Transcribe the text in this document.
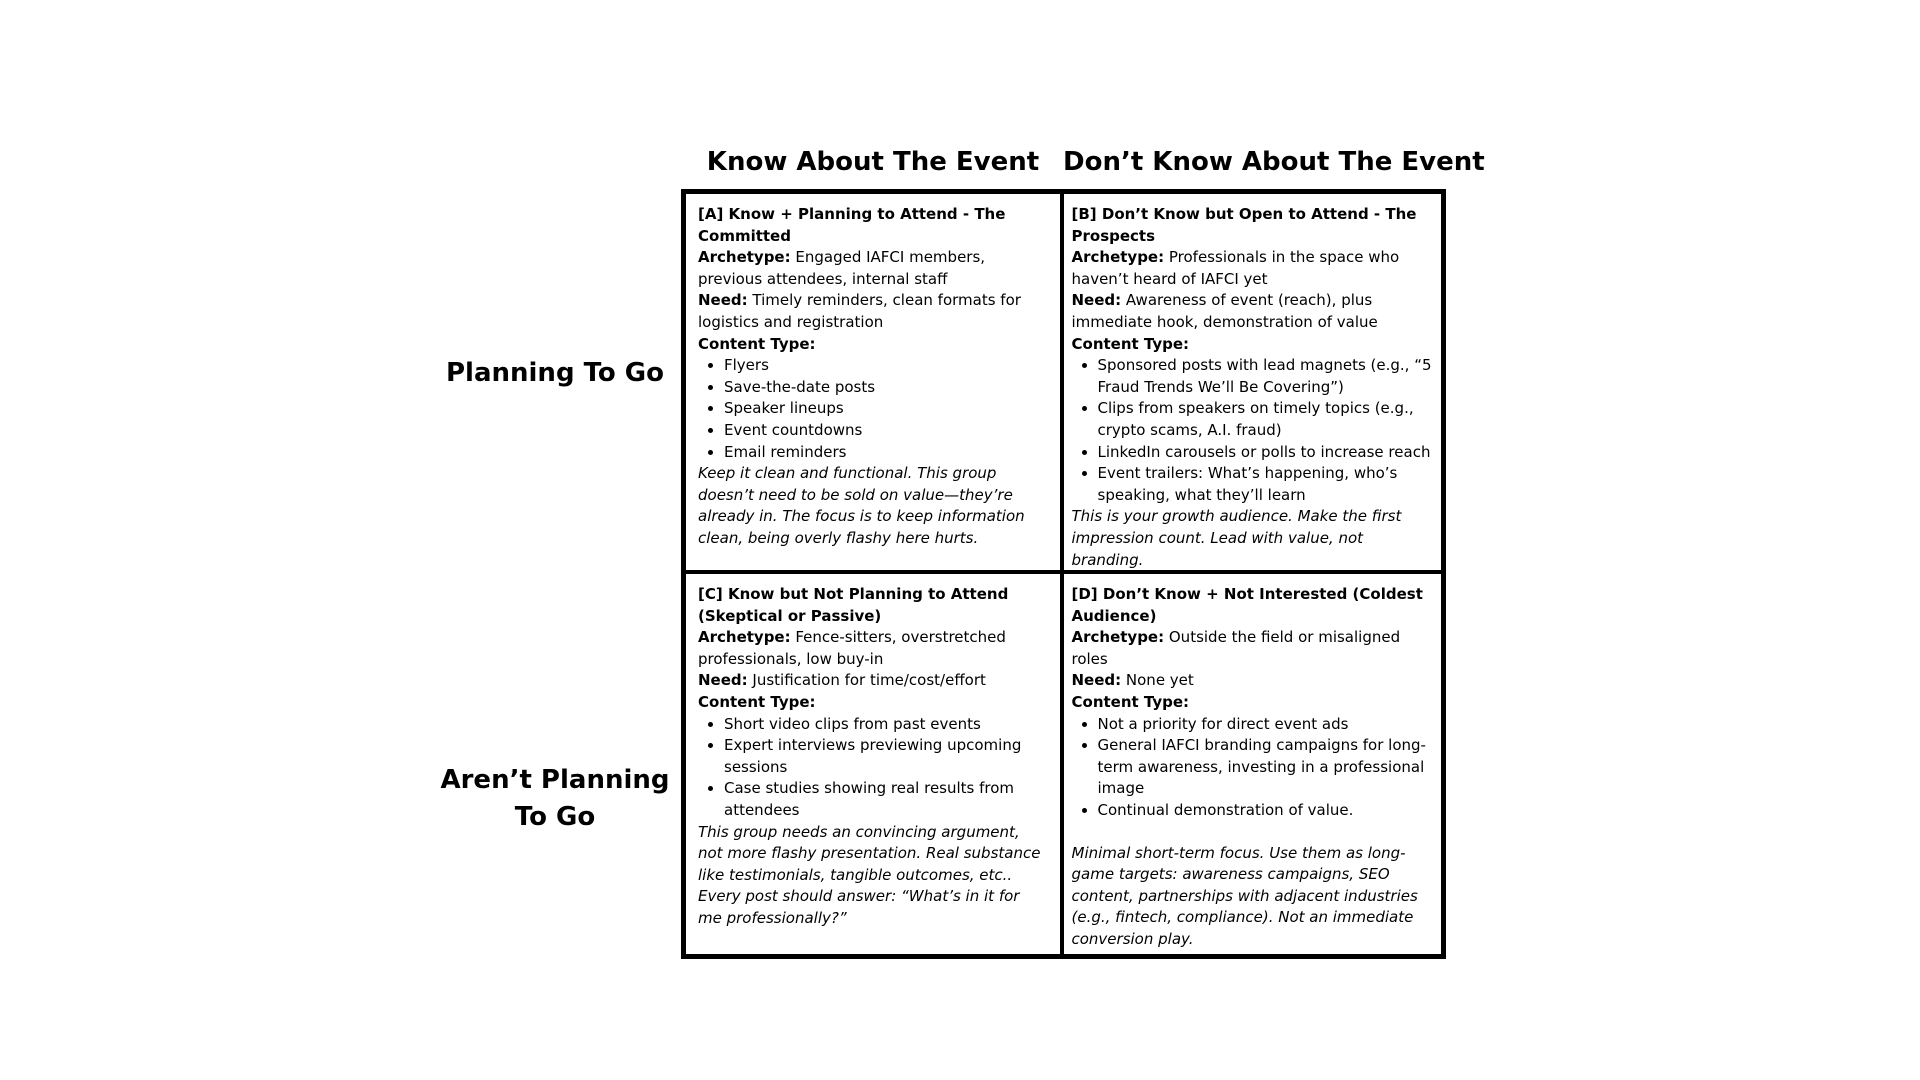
Know About The Event Don’t Know About The Event
Planning To Go
Aren’t Planning To Go

[A] Know + Planning to Attend - The Committed

Archetype: Engaged IAFCI members, previous attendees, internal staff

Need: Timely reminders, clean formats for logistics and registration

Content Type:

• Flyers
• Save-the-date posts
• Speaker lineups
• Event countdowns
• Email reminders

Keep it clean and functional. This group doesn’t need to be sold on value—they’re already in. The focus is to keep information clean, being overly flashy here hurts.

[B] Don’t Know but Open to Attend - The Prospects

Archetype: Professionals in the space who haven’t heard of IAFCI yet

Need: Awareness of event (reach), plus immediate hook, demonstration of value

Content Type:

• Sponsored posts with lead magnets (e.g., “5 Fraud Trends We’ll Be Covering”)
• Clips from speakers on timely topics (e.g., crypto scams, A.I. fraud)
• LinkedIn carousels or polls to increase reach
• Event trailers: What’s happening, who’s speaking, what they’ll learn

This is your growth audience. Make the first impression count. Lead with value, not branding.

[C] Know but Not Planning to Attend (Skeptical or Passive)

Archetype: Fence-sitters, overstretched professionals, low buy-in

Need: Justification for time/cost/effort

Content Type:

• Short video clips from past events
• Expert interviews previewing upcoming sessions
• Case studies showing real results from attendees

This group needs an convincing argument, not more flashy presentation. Real substance like testimonials, tangible outcomes, etc.. Every post should answer: “What’s in it for me professionally?”

[D] Don’t Know + Not Interested (Coldest Audience)

Archetype: Outside the field or misaligned roles

Need: None yet

Content Type:

• Not a priority for direct event ads
• General IAFCI branding campaigns for long-term awareness, investing in a professional image
• Continual demonstration of value.

Minimal short-term focus. Use them as long-game targets: awareness campaigns, SEO content, partnerships with adjacent industries (e.g., fintech, compliance). Not an immediate conversion play.
